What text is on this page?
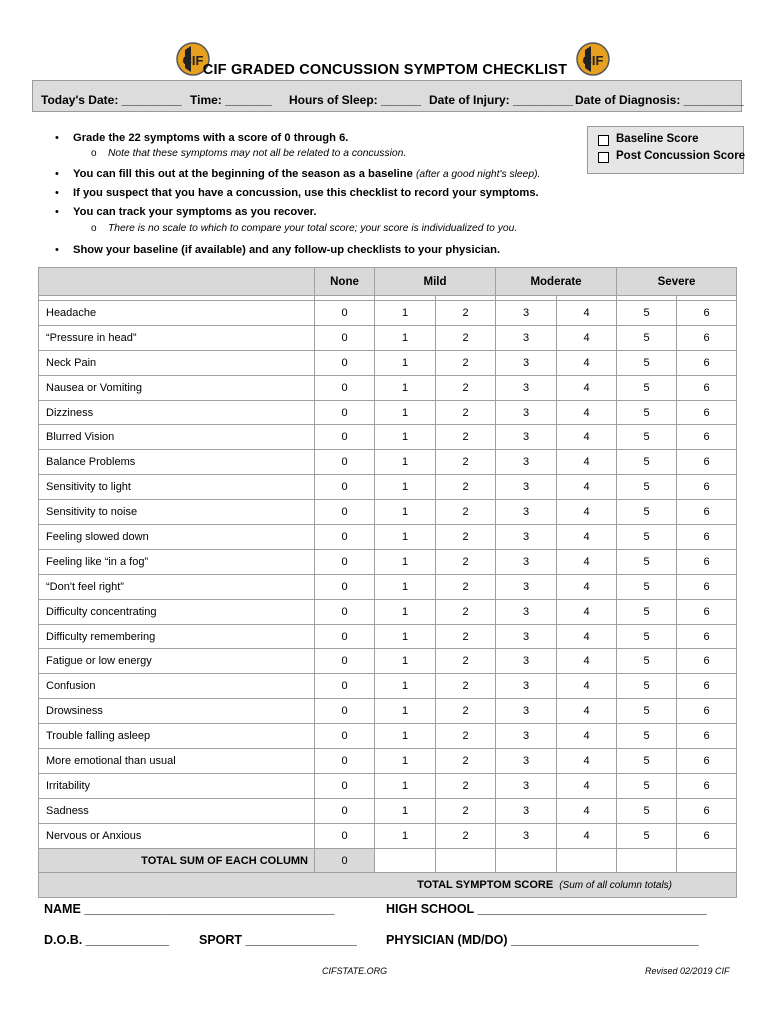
CIF	CIF
CIF GRADED CONCUSSION SYMPTOM CHECKLIST
Today's Date: _________ Time: _______ Hours of Sleep: ______ Date of Injury: _________ Date of Diagnosis: _________
• Grade the 22 symptoms with a score of 0 through 6.
o Note that these symptoms may not all be related to a concussion.
• You can fill this out at the beginning of the season as a baseline (after a good night's sleep).
• If you suspect that you have a concussion, use this checklist to record your symptoms.
• You can track your symptoms as you recover.
o There is no scale to which to compare your total score; your score is individualized to you.
• Show your baseline (if available) and any follow-up checklists to your physician.
Baseline Score
Post Concussion Score
	None	Mild		Moderate		Severe	

Headache	0	1	2	3	4	5	6
“Pressure in head”	0	1	2	3	4	5	6
Neck Pain	0	1	2	3	4	5	6
Nausea or Vomiting	0	1	2	3	4	5	6
Dizziness	0	1	2	3	4	5	6
Blurred Vision	0	1	2	3	4	5	6
Balance Problems	0	1	2	3	4	5	6
Sensitivity to light	0	1	2	3	4	5	6
Sensitivity to noise	0	1	2	3	4	5	6
Feeling slowed down	0	1	2	3	4	5	6
Feeling like “in a fog”	0	1	2	3	4	5	6
“Don't feel right”	0	1	2	3	4	5	6
Difficulty concentrating	0	1	2	3	4	5	6
Difficulty remembering	0	1	2	3	4	5	6
Fatigue or low energy	0	1	2	3	4	5	6
Confusion	0	1	2	3	4	5	6
Drowsiness	0	1	2	3	4	5	6
Trouble falling asleep	0	1	2	3	4	5	6
More emotional than usual	0	1	2	3	4	5	6
Irritability	0	1	2	3	4	5	6
Sadness	0	1	2	3	4	5	6
Nervous or Anxious	0	1	2	3	4	5	6
TOTAL SUM OF EACH COLUMN	0						
TOTAL SYMPTOM SCORE (Sum of all column totals)							
NAME ____________________________________	HIGH SCHOOL _________________________________
D.O.B. ____________ SPORT ________________ PHYSICIAN (MD/DO) ___________________________
CIFSTATE.ORG	Revised 02/2019 CIF
